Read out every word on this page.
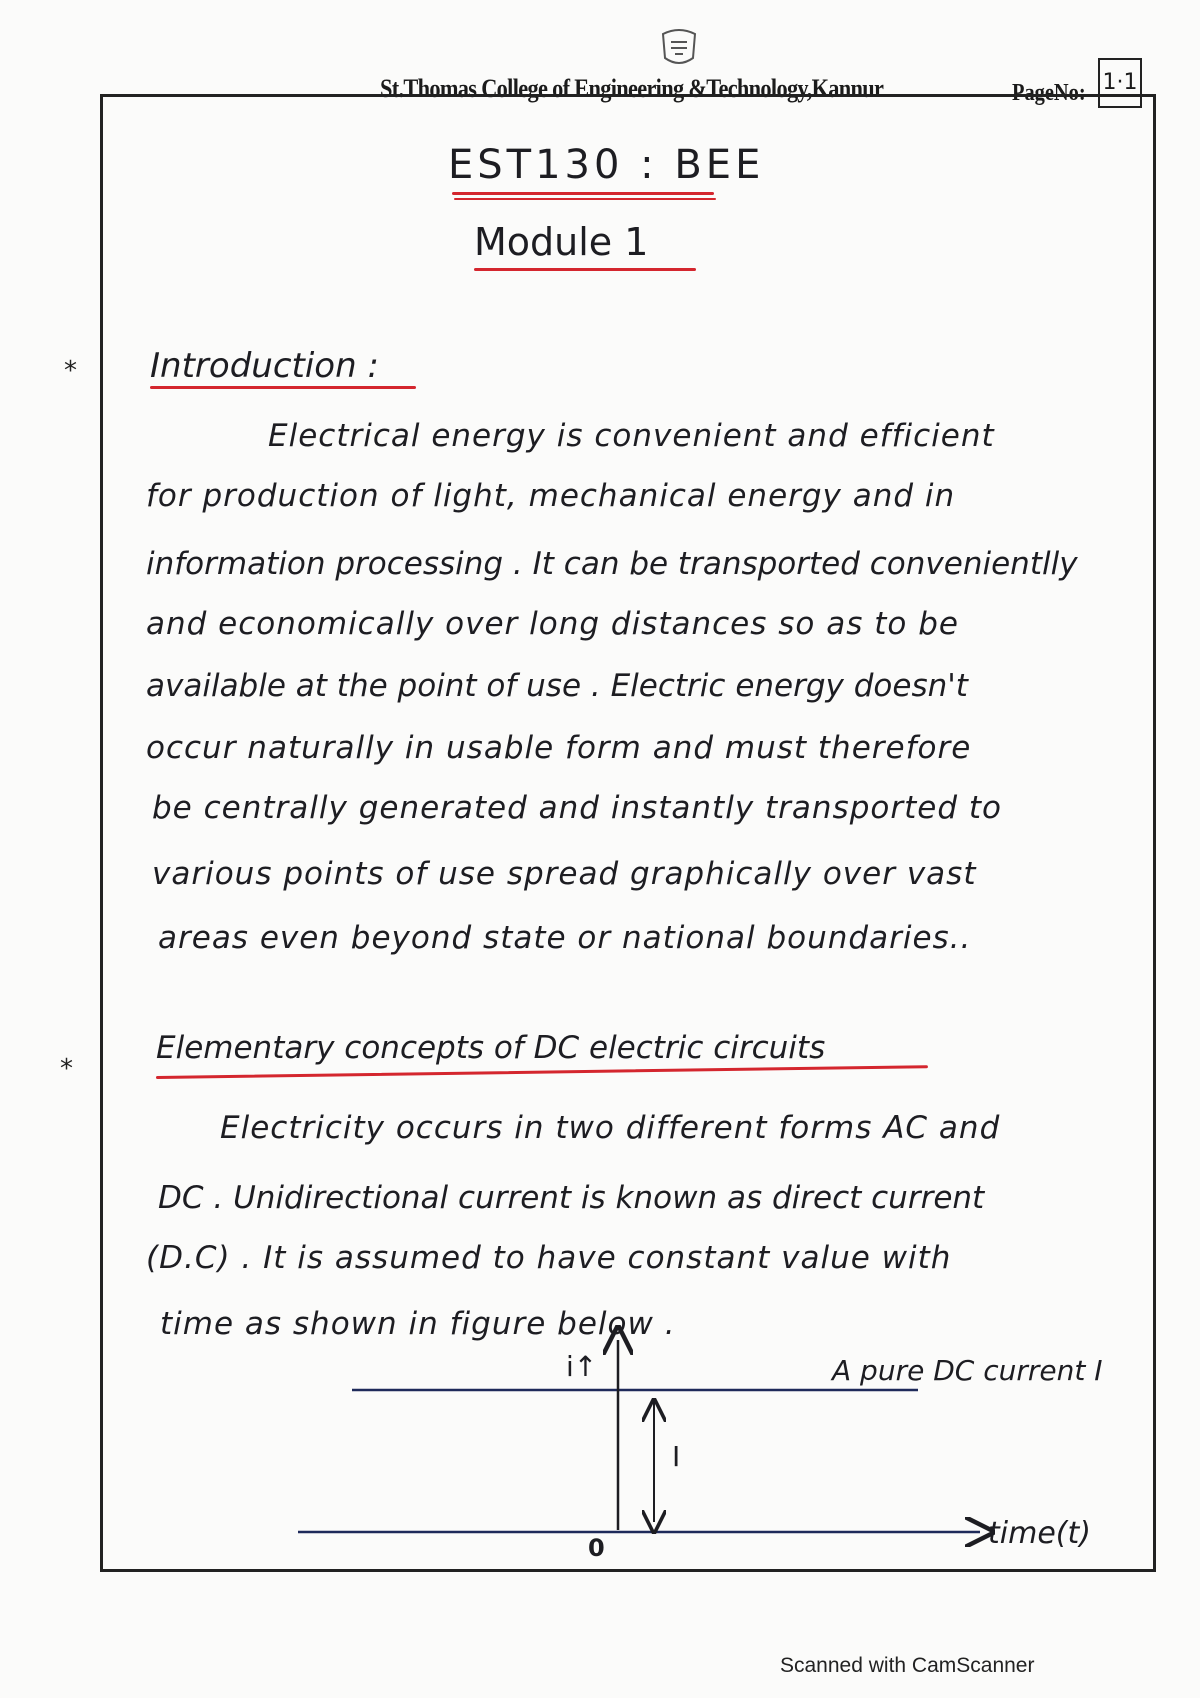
St.Thomas College of Engineering &Technology,Kannur	PageNo: 1·1
EST130 : BEE
Module 1
* Introduction :
Electrical energy is convenient and efficient
for production of light, mechanical energy and in
information processing . It can be transported convenientlly
and economically over long distances so as to be
available at the point of use . Electric energy doesn't
occur naturally in usable form and must therefore
be centrally generated and instantly transported to
various points of use spread graphically over vast
areas even beyond state or national boundaries..
*
Elementary concepts of DC electric circuits
Electricity occurs in two different forms AC and
DC . Unidirectional current is known as direct current
(D.C) . It is assumed to have constant value with
time as shown in figure below .
i↑	A pure DC current I
I
0	time(t)
Scanned with CamScanner
